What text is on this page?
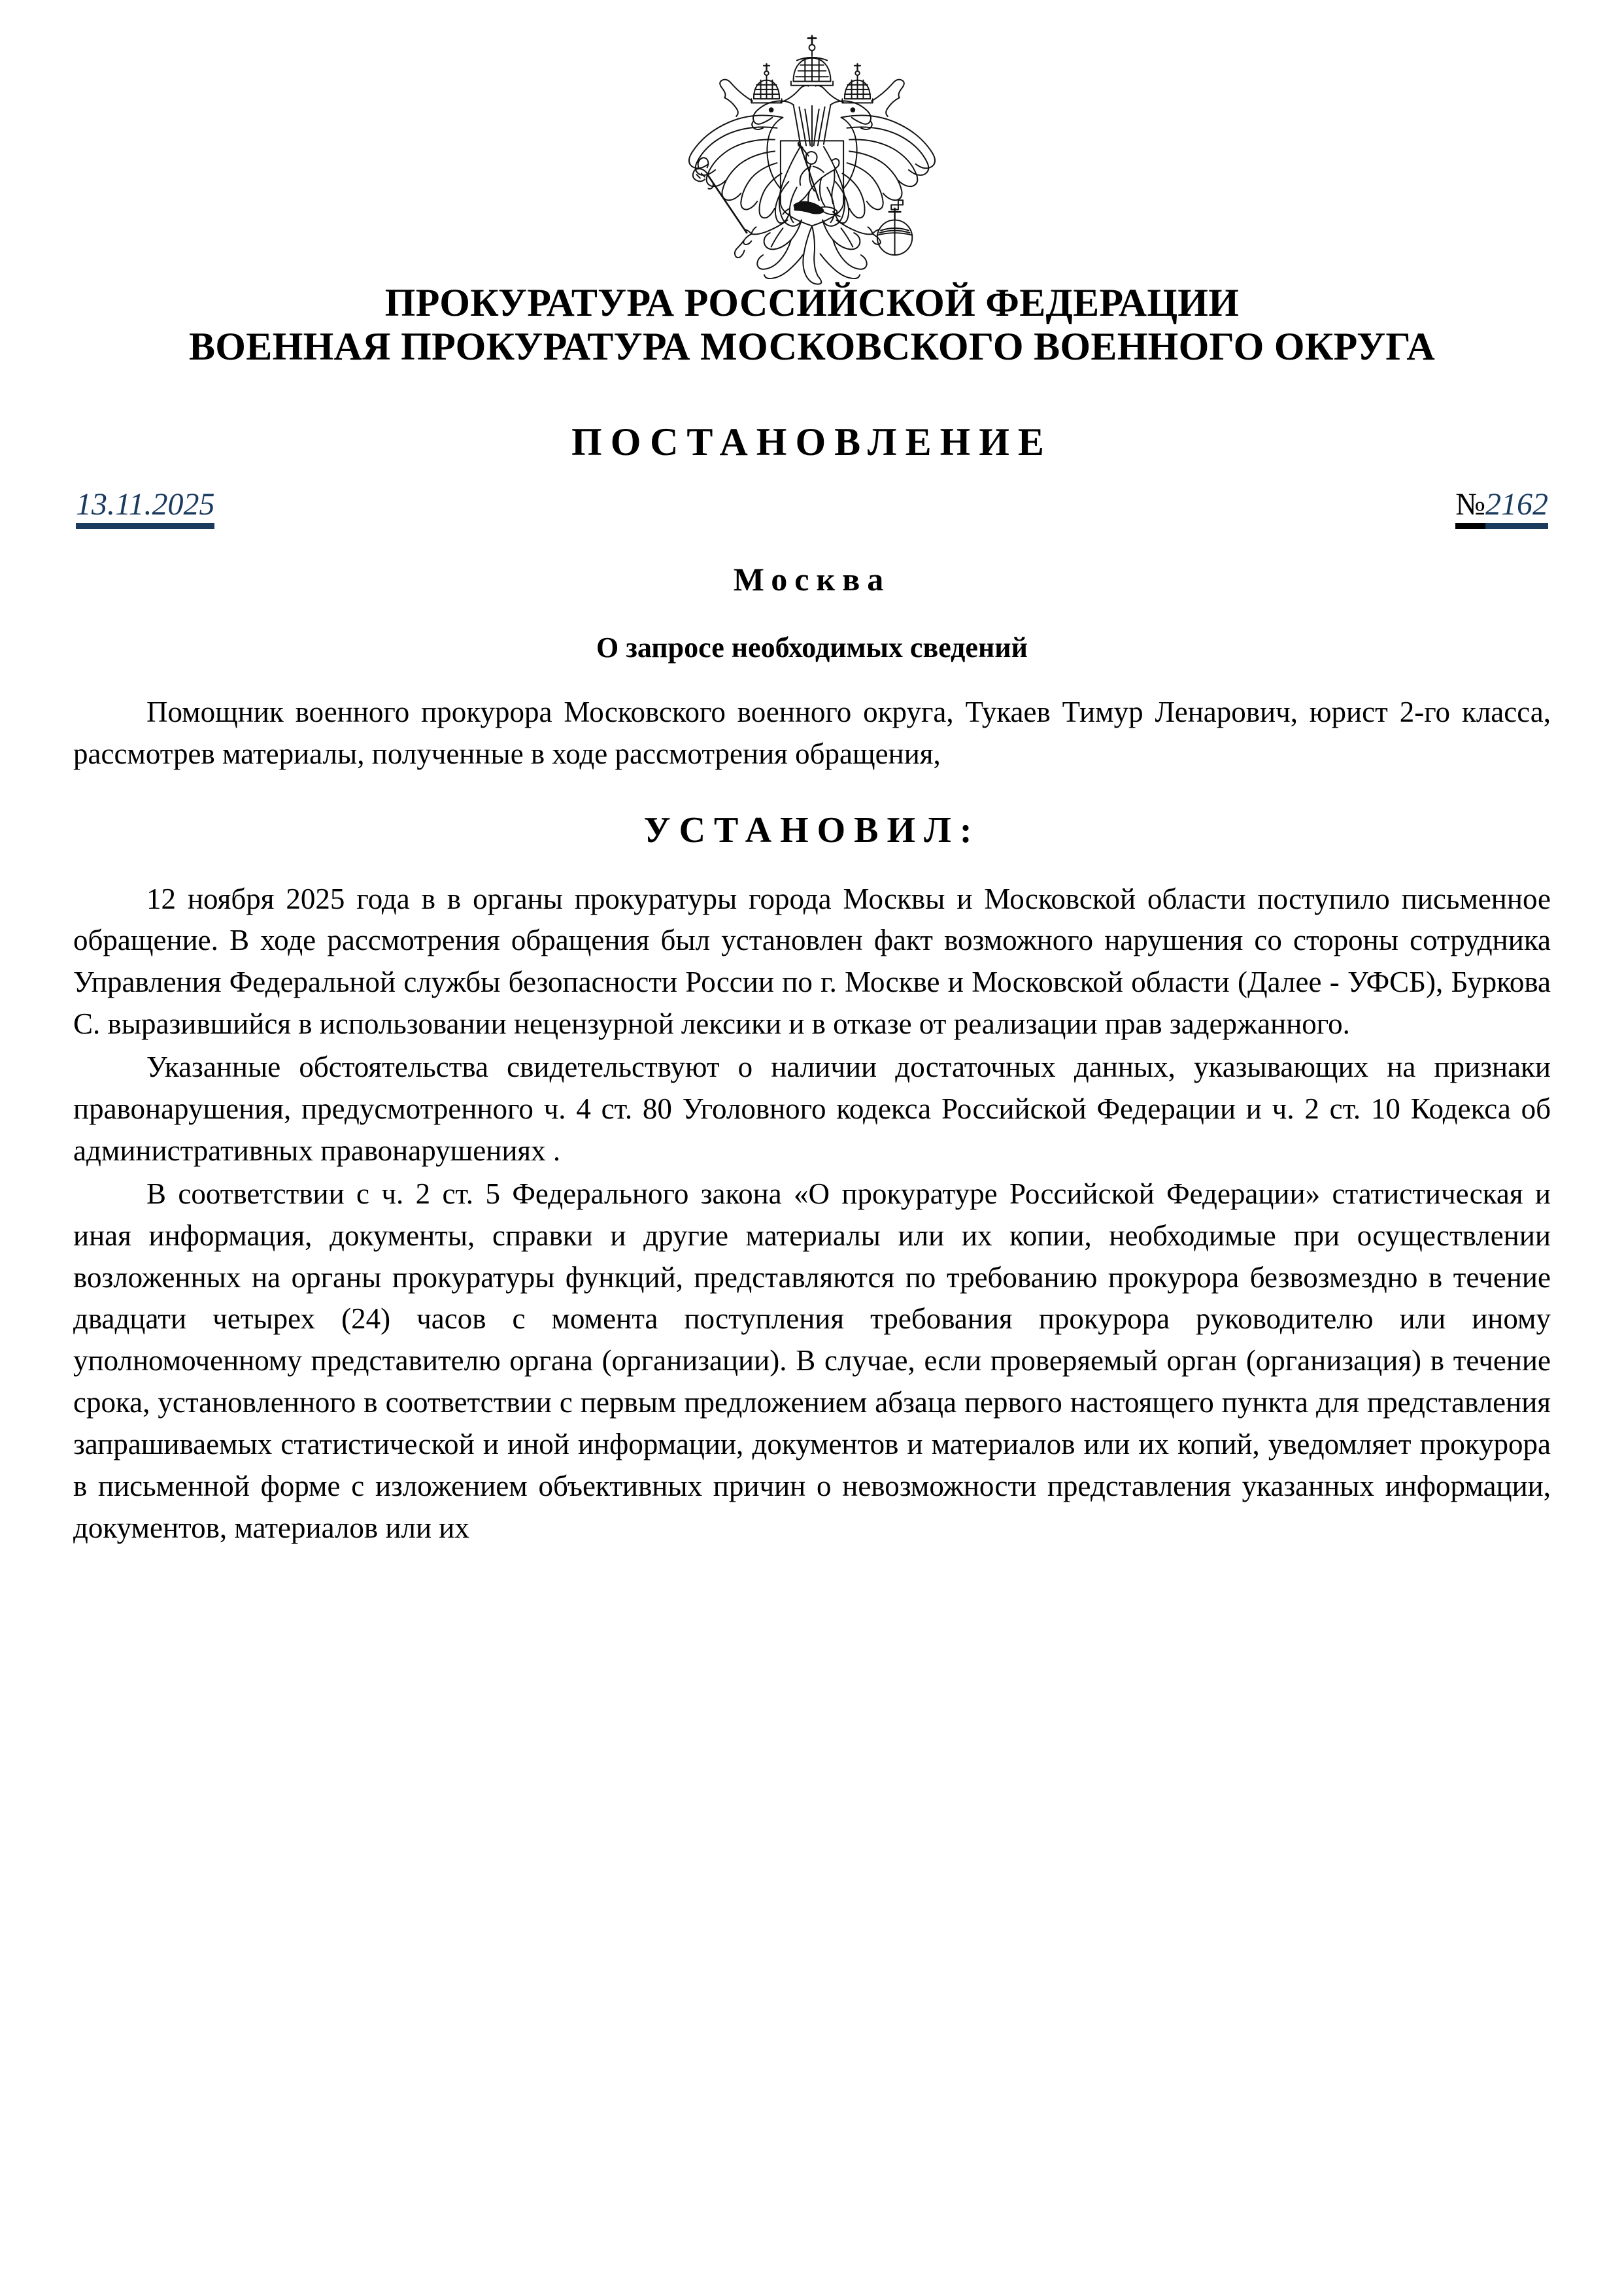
ПРОКУРАТУРА РОССИЙСКОЙ ФЕДЕРАЦИИ
ВОЕННАЯ ПРОКУРАТУРА МОСКОВСКОГО ВОЕННОГО ОКРУГА
ПОСТАНОВЛЕНИЕ
13.11.2025	№2162
Москва
О запросе необходимых сведений

Помощник военного прокурора Московского военного округа, Тукаев Тимур Ленарович, юрист 2-го класса, рассмотрев материалы, полученные в ходе рассмотрения обращения,

УСТАНОВИЛ:

12 ноября 2025 года в в органы прокуратуры города Москвы и Московской области поступило письменное обращение. В ходе рассмотрения обращения был установлен факт возможного нарушения со стороны сотрудника Управления Федеральной службы безопасности России по г. Москве и Московской области (Далее - УФСБ), Буркова С. выразившийся в использовании нецензурной лексики и в отказе от реализации прав задержанного.

Указанные обстоятельства свидетельствуют о наличии достаточных данных, указывающих на признаки правонарушения, предусмотренного ч. 4 ст. 80 Уголовного кодекса Российской Федерации и ч. 2 ст. 10 Кодекса об административных правонарушениях .

В соответствии с ч. 2 ст. 5 Федерального закона «О прокуратуре Российской Федерации» статистическая и иная информация, документы, справки и другие материалы или их копии, необходимые при осуществлении возложенных на органы прокуратуры функций, представляются по требованию прокурора безвозмездно в течение двадцати четырех (24) часов с момента поступления требования прокурора руководителю или иному уполномоченному представителю органа (организации). В случае, если проверяемый орган (организация) в течение срока, установленного в соответствии с первым предложением абзаца первого настоящего пункта для представления запрашиваемых статистической и иной информации, документов и материалов или их копий, уведомляет прокурора в письменной форме с изложением объективных причин о невозможности представления указанных информации, документов, материалов или их
